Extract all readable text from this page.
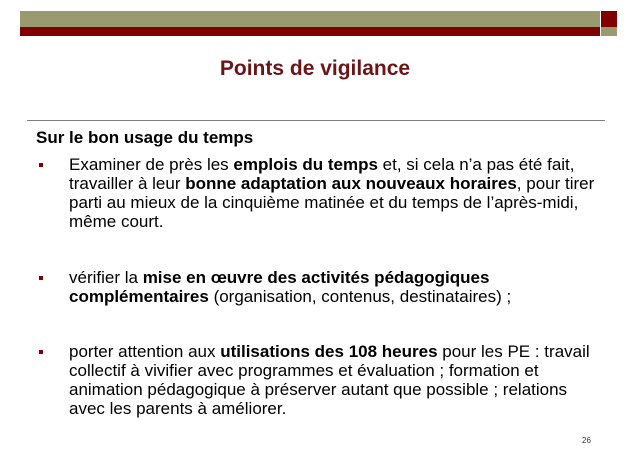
Points de vigilance
Sur le bon usage du temps
Examiner de près les emplois du temps et, si cela n’a pas été fait, travailler à leur bonne adaptation aux nouveaux horaires, pour tirer parti au mieux de la cinquième matinée et du temps de l’après-midi, même court.
vérifier la mise en œuvre des activités pédagogiques complémentaires (organisation, contenus, destinataires) ;
porter attention aux utilisations des 108 heures pour les PE : travail collectif à vivifier avec programmes et évaluation ; formation et animation pédagogique à préserver autant que possible ; relations avec les parents à améliorer.
26
